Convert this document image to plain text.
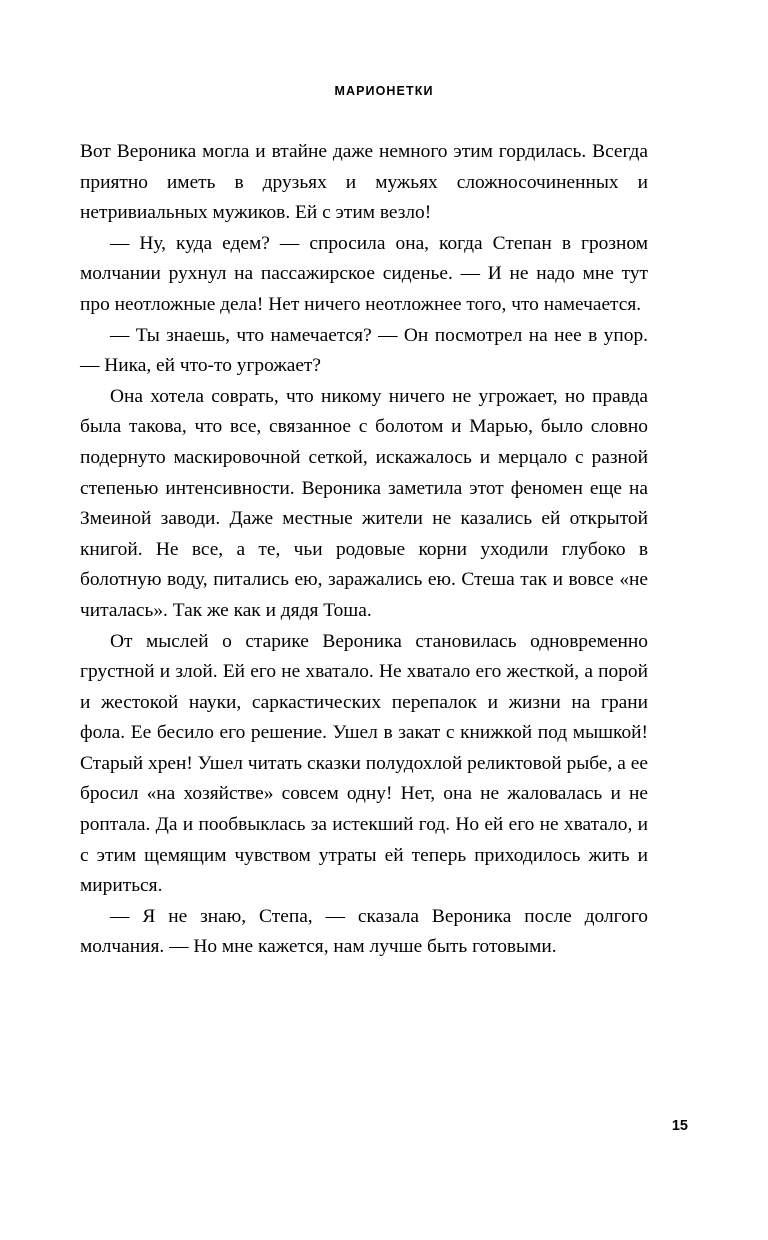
МАРИОНЕТКИ

Вот Вероника могла и втайне даже немного этим гордилась. Всегда приятно иметь в друзьях и мужьях сложносочиненных и нетривиальных мужиков. Ей с этим везло!

— Ну, куда едем? — спросила она, когда Степан в грозном молчании рухнул на пассажирское сиденье. — И не надо мне тут про неотложные дела! Нет ничего неотложнее того, что намечается.

— Ты знаешь, что намечается? — Он посмотрел на нее в упор. — Ника, ей что-то угрожает?

Она хотела соврать, что никому ничего не угрожает, но правда была такова, что все, связанное с болотом и Марью, было словно подернуто маскировочной сеткой, искажалось и мерцало с разной степенью интенсивности. Вероника заметила этот феномен еще на Змеиной заводи. Даже местные жители не казались ей открытой книгой. Не все, а те, чьи родовые корни уходили глубоко в болотную воду, питались ею, заражались ею. Стеша так и вовсе «не читалась». Так же как и дядя Тоша.

От мыслей о старике Вероника становилась одновременно грустной и злой. Ей его не хватало. Не хватало его жесткой, а порой и жестокой науки, саркастических перепалок и жизни на грани фола. Ее бесило его решение. Ушел в закат с книжкой под мышкой! Старый хрен! Ушел читать сказки полудохлой реликтовой рыбе, а ее бросил «на хозяйстве» совсем одну! Нет, она не жаловалась и не роптала. Да и пообвыклась за истекший год. Но ей его не хватало, и с этим щемящим чувством утраты ей теперь приходилось жить и мириться.

— Я не знаю, Степа, — сказала Вероника после долгого молчания. — Но мне кажется, нам лучше быть готовыми.

15
